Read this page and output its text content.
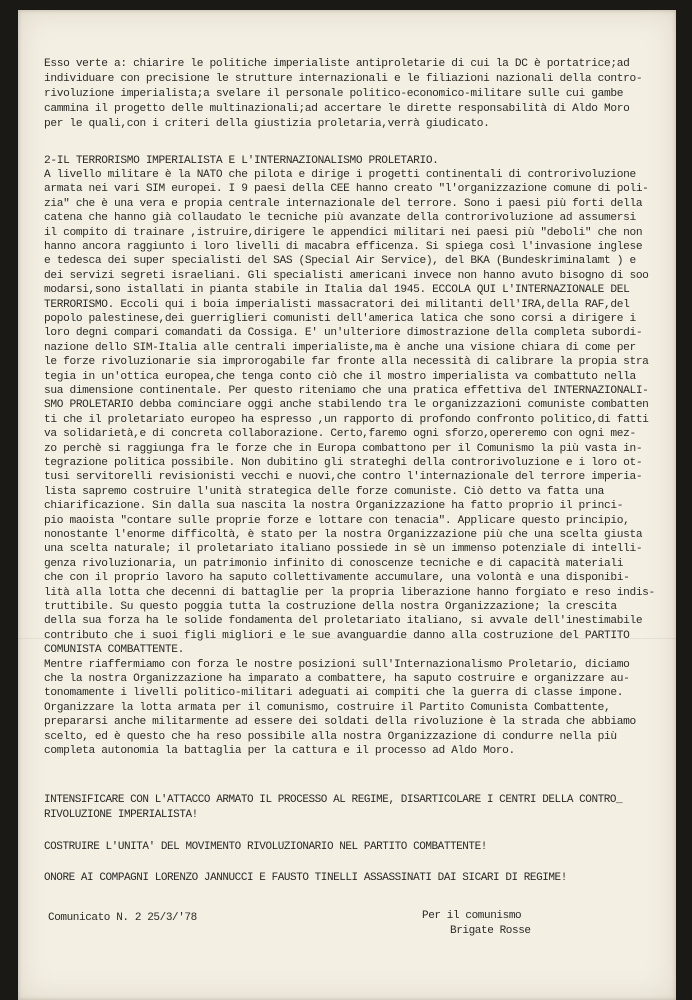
Esso verte a: chiarire le politiche imperialiste antiproletarie di cui la DC è portatrice;ad
individuare con precisione le strutture internazionali e le filiazioni nazionali della contro-
rivoluzione imperialista;a svelare il personale politico-economico-militare sulle cui gambe
cammina il progetto delle multinazionali;ad accertare le dirette responsabilità di Aldo Moro
per le quali,con i criteri della giustizia proletaria,verrà giudicato.
2-IL TERRORISMO IMPERIALISTA E L'INTERNAZIONALISMO PROLETARIO.
A livello militare è la NATO che pilota e dirige i progetti continentali di controrivoluzione
armata nei vari SIM europei. I 9 paesi della CEE hanno creato "l'organizzazione comune di poli-
zia" che è una vera e propia centrale internazionale del terrore. Sono i paesi più forti della
catena che hanno già collaudato le tecniche più avanzate della controrivoluzione ad assumersi
il compito di trainare ,istruire,dirigere le appendici militari nei paesi più "deboli" che non
hanno ancora raggiunto i loro livelli di macabra efficenza. Si spiega così l'invasione inglese
e tedesca dei super specialisti del SAS (Special Air Service), del BKA (Bundeskriminalamt ) e
dei servizi segreti israeliani. Gli specialisti americani invece non hanno avuto bisogno di soo
modarsi,sono istallati in pianta stabile in Italia dal 1945. ECCOLA QUI L'INTERNAZIONALE DEL
TERRORISMO. Eccoli qui i boia imperialisti massacratori dei militanti dell'IRA,della RAF,del
popolo palestinese,dei guerriglieri comunisti dell'america latica che sono corsi a dirigere i
loro degni compari comandati da Cossiga. E' un'ulteriore dimostrazione della completa subordi-
nazione dello SIM-Italia alle centrali imperialiste,ma è anche una visione chiara di come per
le forze rivoluzionarie sia improrogabile far fronte alla necessità di calibrare la propia stra
tegia in un'ottica europea,che tenga conto ciò che il mostro imperialista va combattuto nella
sua dimensione continentale. Per questo riteniamo che una pratica effettiva del INTERNAZIONALI-
SMO PROLETARIO debba cominciare oggi anche stabilendo tra le organizzazioni comuniste combatten
ti che il proletariato europeo ha espresso ,un rapporto di profondo confronto politico,di fatti
va solidarietà,e di concreta collaborazione. Certo,faremo ogni sforzo,opereremo con ogni mez-
zo perchè si raggiunga fra le forze che in Europa combattono per il Comunismo la più vasta in-
tegrazione politica possibile. Non dubitino gli strateghi della controrivoluzione e i loro ot-
tusi servitorelli revisionisti vecchi e nuovi,che contro l'internazionale del terrore imperia-
lista sapremo costruire l'unità strategica delle forze comuniste. Ciò detto va fatta una
chiarificazione. Sin dalla sua nascita la nostra Organizzazione ha fatto proprio il princi-
pio maoista "contare sulle proprie forze e lottare con tenacia". Applicare questo principio,
nonostante l'enorme difficoltà, è stato per la nostra Organizzazione più che una scelta giusta
una scelta naturale; il proletariato italiano possiede in sè un immenso potenziale di intelli-
genza rivoluzionaria, un patrimonio infinito di conoscenze tecniche e di capacità materiali
che con il proprio lavoro ha saputo collettivamente accumulare, una volontà e una disponibi-
lità alla lotta che decenni di battaglie per la propria liberazione hanno forgiato e reso indis-
truttibile. Su questo poggia tutta la costruzione della nostra Organizzazione; la crescita
della sua forza ha le solide fondamenta del proletariato italiano, si avvale dell'inestimabile
contributo che i suoi figli migliori e le sue avanguardie danno alla costruzione del PARTITO
COMUNISTA COMBATTENTE.
Mentre riaffermiamo con forza le nostre posizioni sull'Internazionalismo Proletario, diciamo
che la nostra Organizzazione ha imparato a combattere, ha saputo costruire e organizzare au-
tonomamente i livelli politico-militari adeguati ai compiti che la guerra di classe impone.
Organizzare la lotta armata per il comunismo, costruire il Partito Comunista Combattente,
prepararsi anche militarmente ad essere dei soldati della rivoluzione è la strada che abbiamo
scelto, ed è questo che ha reso possibile alla nostra Organizzazione di condurre nella più
completa autonomia la battaglia per la cattura e il processo ad Aldo Moro.
INTENSIFICARE CON L'ATTACCO ARMATO IL PROCESSO AL REGIME, DISARTICOLARE I CENTRI DELLA CONTRO_
RIVOLUZIONE IMPERIALISTA!
COSTRUIRE L'UNITA' DEL MOVIMENTO RIVOLUZIONARIO NEL PARTITO COMBATTENTE!
ONORE AI COMPAGNI LORENZO JANNUCCI E FAUSTO TINELLI ASSASSINATI DAI SICARI DI REGIME!
Comunicato N. 2 25/3/'78	Per il comunismo
Brigate Rosse
